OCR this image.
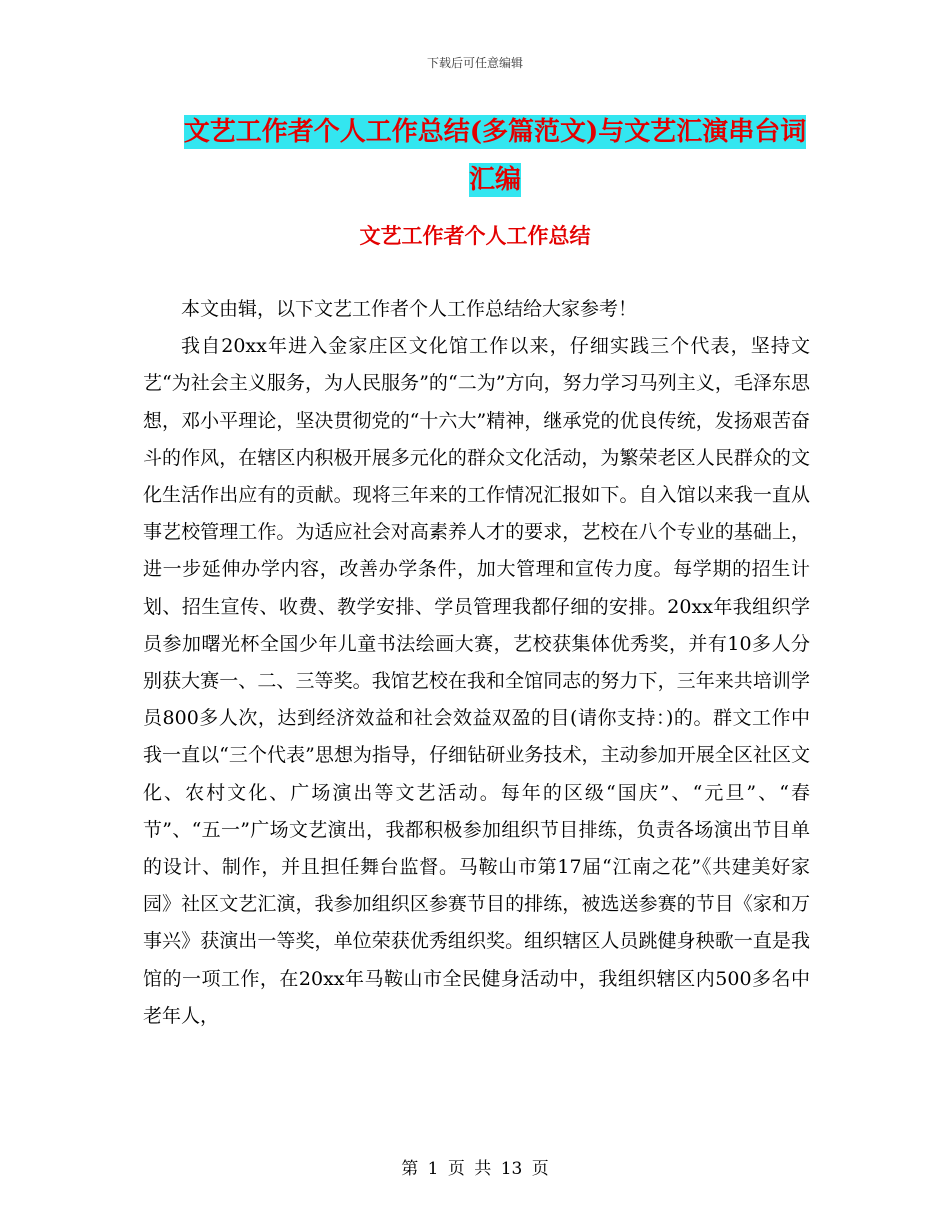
下载后可任意编辑
文艺工作者个人工作总结(多篇范文)与文艺汇演串台词汇编
文艺工作者个人工作总结

本文由辑，以下文艺工作者个人工作总结给大家参考！

我自20xx年进入金家庄区文化馆工作以来，仔细实践三个代表，坚持文艺“为社会主义服务，为人民服务”的“二为”方向，努力学习马列主义，毛泽东思想，邓小平理论，坚决贯彻党的“十六大”精神，继承党的优良传统，发扬艰苦奋斗的作风，在辖区内积极开展多元化的群众文化活动，为繁荣老区人民群众的文化生活作出应有的贡献。现将三年来的工作情况汇报如下。自入馆以来我一直从事艺校管理工作。为适应社会对高素养人才的要求，艺校在八个专业的基础上，进一步延伸办学内容，改善办学条件，加大管理和宣传力度。每学期的招生计划、招生宣传、收费、教学安排、学员管理我都仔细的安排。20xx年我组织学员参加曙光杯全国少年儿童书法绘画大赛，艺校获集体优秀奖，并有10多人分别获大赛一、二、三等奖。我馆艺校在我和全馆同志的努力下，三年来共培训学员800多人次，达到经济效益和社会效益双盈的目(请你支持：)的。群文工作中我一直以“三个代表”思想为指导，仔细钻研业务技术，主动参加开展全区社区文化、农村文化、广场演出等文艺活动。每年的区级“国庆”、“元旦”、“春节”、“五一”广场文艺演出，我都积极参加组织节目排练，负责各场演出节目单的设计、制作，并且担任舞台监督。马鞍山市第17届“江南之花”《共建美好家园》社区文艺汇演，我参加组织区参赛节目的排练，被选送参赛的节目《家和万事兴》获演出一等奖，单位荣获优秀组织奖。组织辖区人员跳健身秧歌一直是我馆的一项工作，在20xx年马鞍山市全民健身活动中，我组织辖区内500多名中老年人，

第 1 页 共 13 页
